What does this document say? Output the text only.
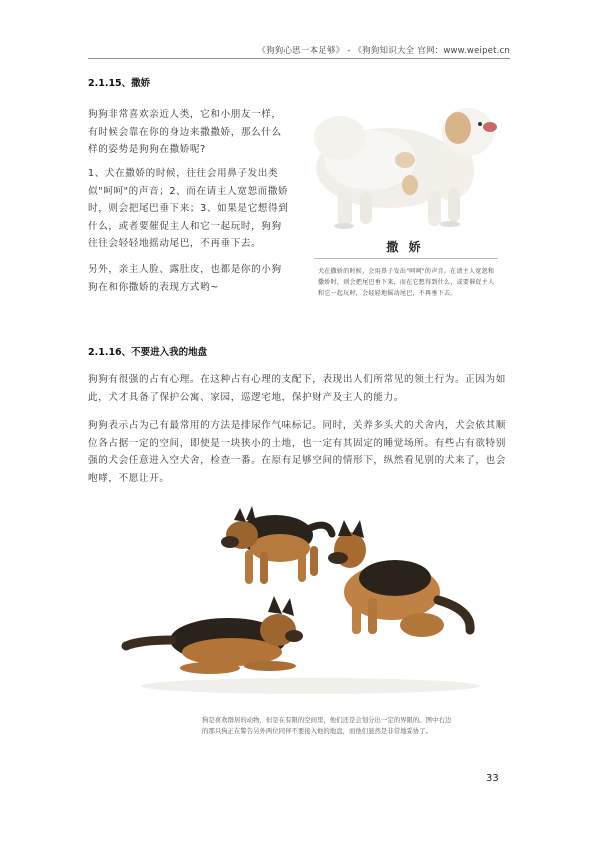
《狗狗心思一本足够》 - 《狗狗知识大全 官网：www.weipet.cn
2.1.15、撒娇

狗狗非常喜欢亲近人类，它和小朋友一样，有时候会靠在你的身边来撒撒娇，那么什么样的姿势是狗狗在撒娇呢?

1、犬在撒娇的时候，往往会用鼻子发出类似"呵呵"的声音；2、而在请主人宽恕而撒娇时，则会把尾巴垂下来；3、如果是它想得到什么，或者要催促主人和它一起玩时，狗狗往往会轻轻地摇动尾巴，不再垂下去。

另外，亲主人脸、露肚皮，也都是你的小狗狗在和你撒娇的表现方式哟~

撒 娇

犬在撒娇的时候，会用鼻子发出"呵呵"的声音。在请主人宽恕和撒娇时，则会把尾巴垂下来，而在它想得到什么，或要催促主人和它一起玩时，会轻轻地摇动尾巴，不再垂下去。

2.1.16、不要进入我的地盘

狗狗有很强的占有心理。在这种占有心理的支配下，表现出人们所常见的领土行为。正因为如此，犬才具备了保护公寓、家园，巡逻宅地，保护财产及主人的能力。

狗狗表示占为己有最常用的方法是排尿作气味标记。同时，关养多头犬的犬舍内，犬会依其顺位各占据一定的空间，即使是一块狭小的土地，也一定有其固定的睡觉场所。有些占有欲特别强的犬会任意进入空犬舍，检查一番。在原有足够空间的情形下，纵然看见别的犬来了，也会咆哮，不愿让开。

狗是喜欢群居的动物，但是在有限的空间里，他们还是会划分出一定的界限的。图中右边的那只狗正在警告另外两位同伴不要接入他的地盘，而他们显然是非常地妥协了。

33
